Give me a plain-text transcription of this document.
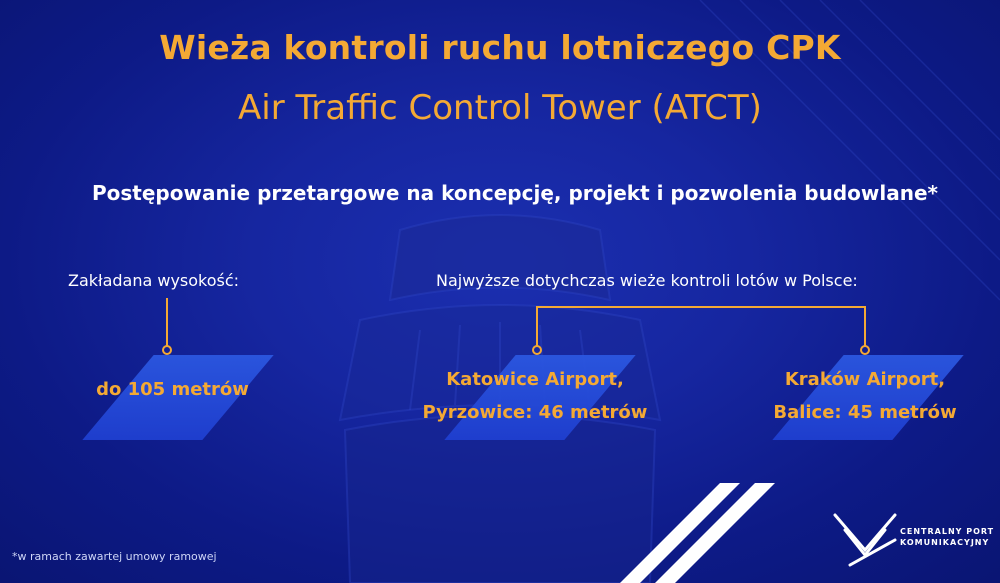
Wieża kontroli ruchu lotniczego CPK
Air Traffic Control Tower (ATCT)
Postępowanie przetargowe na koncepcję, projekt i pozwolenia budowlane*
Zakładana wysokość:
do 105 metrów
Najwyższe dotychczas wieże kontroli lotów w Polsce:
Katowice Airport,
Pyrzowice: 46 metrów
Kraków Airport,
Balice: 45 metrów
*w ramach zawartej umowy ramowej
CENTRALNY PORT
KOMUNIKACYJNY
